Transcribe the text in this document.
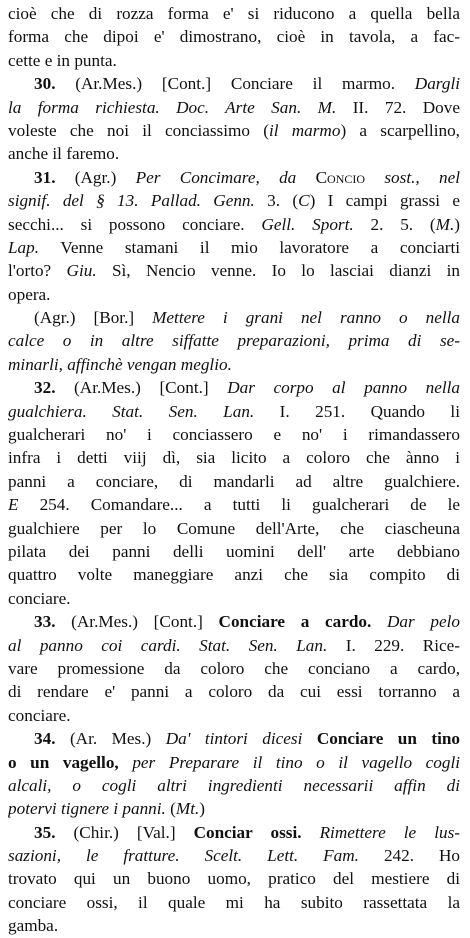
cioè che di rozza forma e' si riducono a quella bella
forma che dipoi e' dimostrano, cioè in tavola, a fac-
cette e in punta.
30. (Ar.Mes.) [Cont.] Conciare il marmo. Dargli
la forma richiesta. Doc. Arte San. M. II. 72. Dove
voleste che noi il conciassimo (il marmo) a scarpellino,
anche il faremo.
31. (Agr.) Per Concimare, da Concio sost., nel
signif. del § 13. Pallad. Genn. 3. (C) I campi grassi e
secchi... si possono conciare. Gell. Sport. 2. 5. (M.)
Lap. Venne stamani il mio lavoratore a conciarti
l'orto? Giu. Sì, Nencio venne. Io lo lasciai dianzi in
opera.
(Agr.) [Bor.] Mettere i grani nel ranno o nella
calce o in altre siffatte preparazioni, prima di se-
minarli, affinchè vengan meglio.
32. (Ar.Mes.) [Cont.] Dar corpo al panno nella
gualchiera. Stat. Sen. Lan. I. 251. Quando li
gualcherari no' i conciassero e no' i rimandassero
infra i detti viij dì, sia licito a coloro che ànno i
panni a conciare, di mandarli ad altre gualchiere.
E 254. Comandare... a tutti li gualcherari de le
gualchiere per lo Comune dell'Arte, che ciascheuna
pilata dei panni delli uomini dell' arte debbiano
quattro volte maneggiare anzi che sia compito di
conciare.
33. (Ar.Mes.) [Cont.] Conciare a cardo. Dar pelo
al panno coi cardi. Stat. Sen. Lan. I. 229. Rice-
vare promessione da coloro che conciano a cardo,
di rendare e' panni a coloro da cui essi torranno a
conciare.
34. (Ar. Mes.) Da' tintori dicesi Conciare un tino
o un vagello, per Preparare il tino o il vagello cogli
alcali, o cogli altri ingredienti necessarii affin di
potervi tignere i panni. (Mt.)
35. (Chir.) [Val.] Conciar ossi. Rimettere le lus-
sazioni, le fratture. Scelt. Lett. Fam. 242. Ho
trovato qui un buono uomo, pratico del mestiere di
conciare ossi, il quale mi ha subito rassettata la
gamba.
